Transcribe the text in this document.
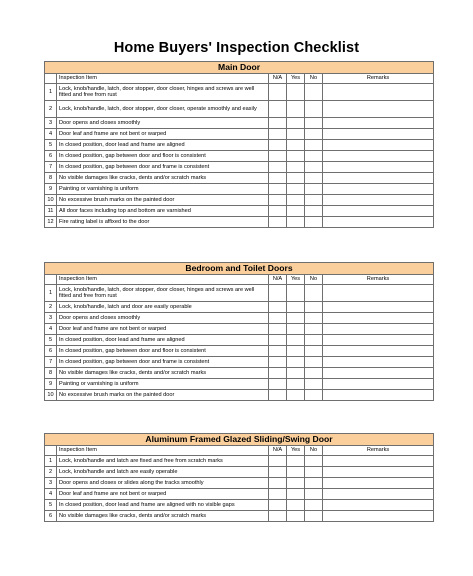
Home Buyers' Inspection Checklist
Main Door					
	Inspection Item	N/A	Yes	No	Remarks
1	Lock, knob/handle, latch, door stopper, door closer, hinges and screws are well fitted and free from rust				
2	Lock, knob/handle, latch, door stopper, door closer, operate smoothly and easily				
3	Door opens and closes smoothly				
4	Door leaf and frame are not bent or warped				
5	In closed position, door lead and frame are aligned				
6	In closed position, gap between door and floor is consistent				
7	In closed position, gap between door and frame is consistent				
8	No visible damages like cracks, dents and/or scratch marks				
9	Painting or varnishing is uniform				
10	No excessive brush marks on the painted door				
11	All door faces including top and bottom are varnished				
12	Fire rating label is affixed to the door				
Bedroom and Toilet Doors					
	Inspection Item	N/A	Yes	No	Remarks
1	Lock, knob/handle, latch, door stopper, door closer, hinges and screws are well fitted and free from rust				
2	Lock, knob/handle, latch and door are easily operable				
3	Door opens and closes smoothly				
4	Door leaf and frame are not bent or warped				
5	In closed position, door lead and frame are aligned				
6	In closed position, gap between door and floor is consistent				
7	In closed position, gap between door and frame is consistent				
8	No visible damages like cracks, dents and/or scratch marks				
9	Painting or varnishing is uniform				
10	No excessive brush marks on the painted door				
Aluminum Framed Glazed Sliding/Swing Door					
	Inspection Item	N/A	Yes	No	Remarks
1	Lock, knob/handle and latch are fixed and free from scratch marks				
2	Lock, knob/handle and latch are easily operable				
3	Door opens and closes or slides along the tracks smoothly				
4	Door leaf and frame are not bent or warped				
5	In closed position, door lead and frame are aligned with no visible gaps				
6	No visible damages like cracks, dents and/or scratch marks				
